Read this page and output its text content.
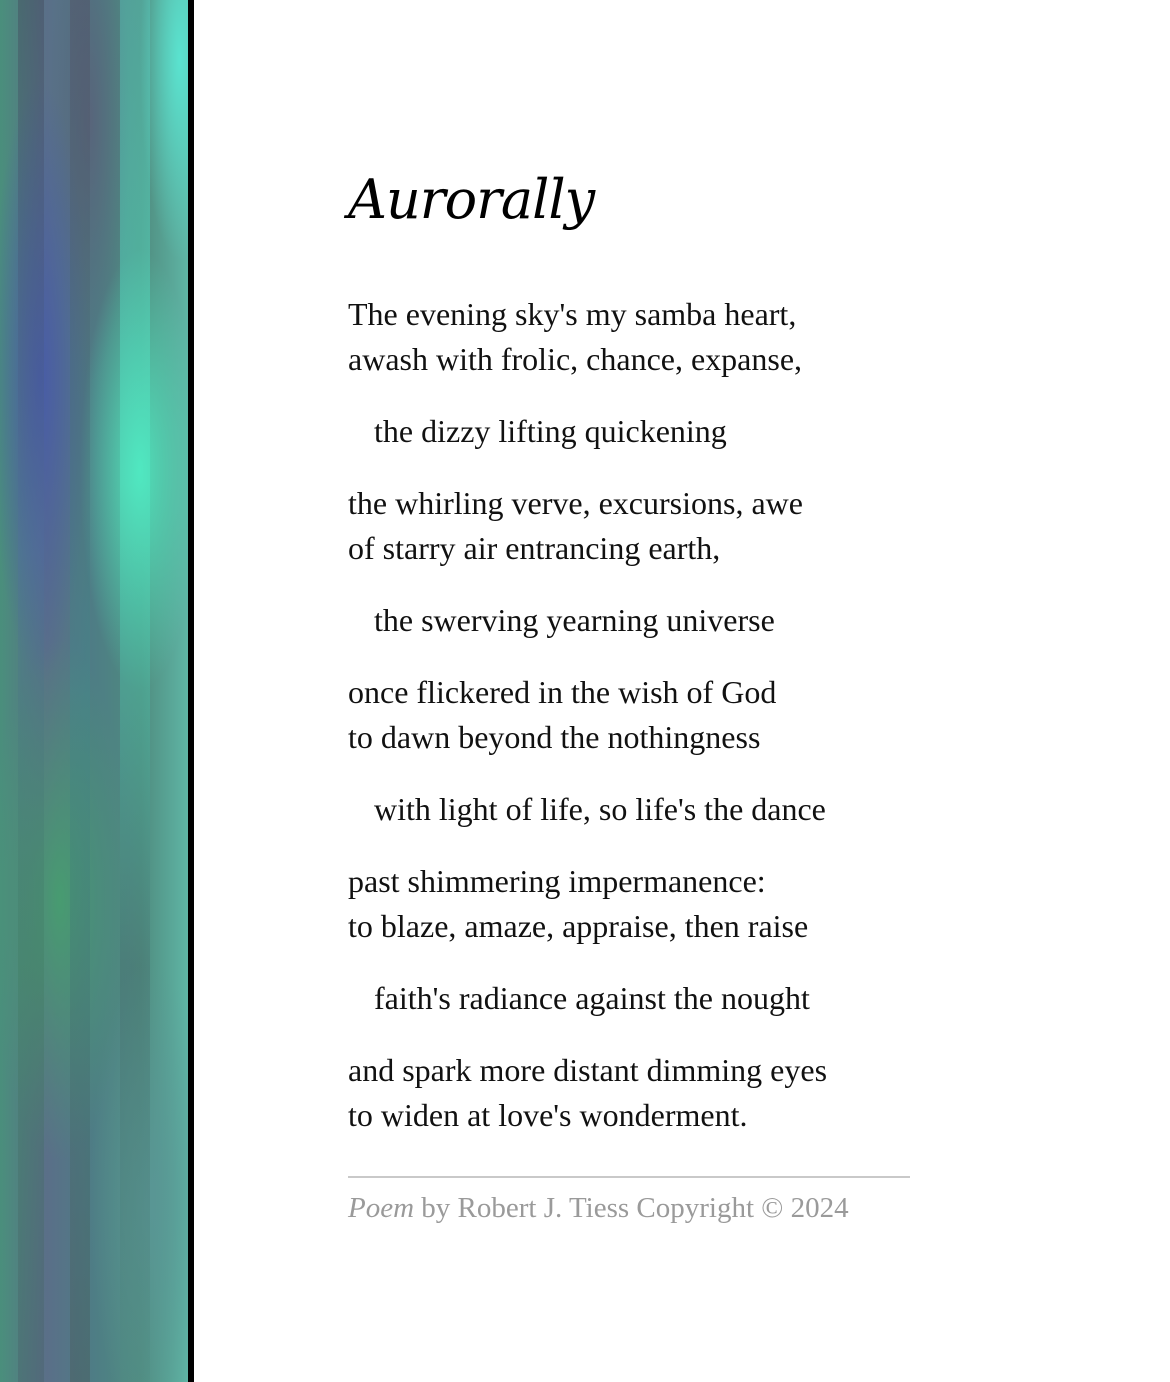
Aurorally

The evening sky's my samba heart,
awash with frolic, chance, expanse,

the dizzy lifting quickening

the whirling verve, excursions, awe
of starry air entrancing earth,

the swerving yearning universe

once flickered in the wish of God
to dawn beyond the nothingness

with light of life, so life's the dance

past shimmering impermanence:
to blaze, amaze, appraise, then raise

faith's radiance against the nought

and spark more distant dimming eyes
to widen at love's wonderment.

Poem by Robert J. Tiess Copyright © 2024
